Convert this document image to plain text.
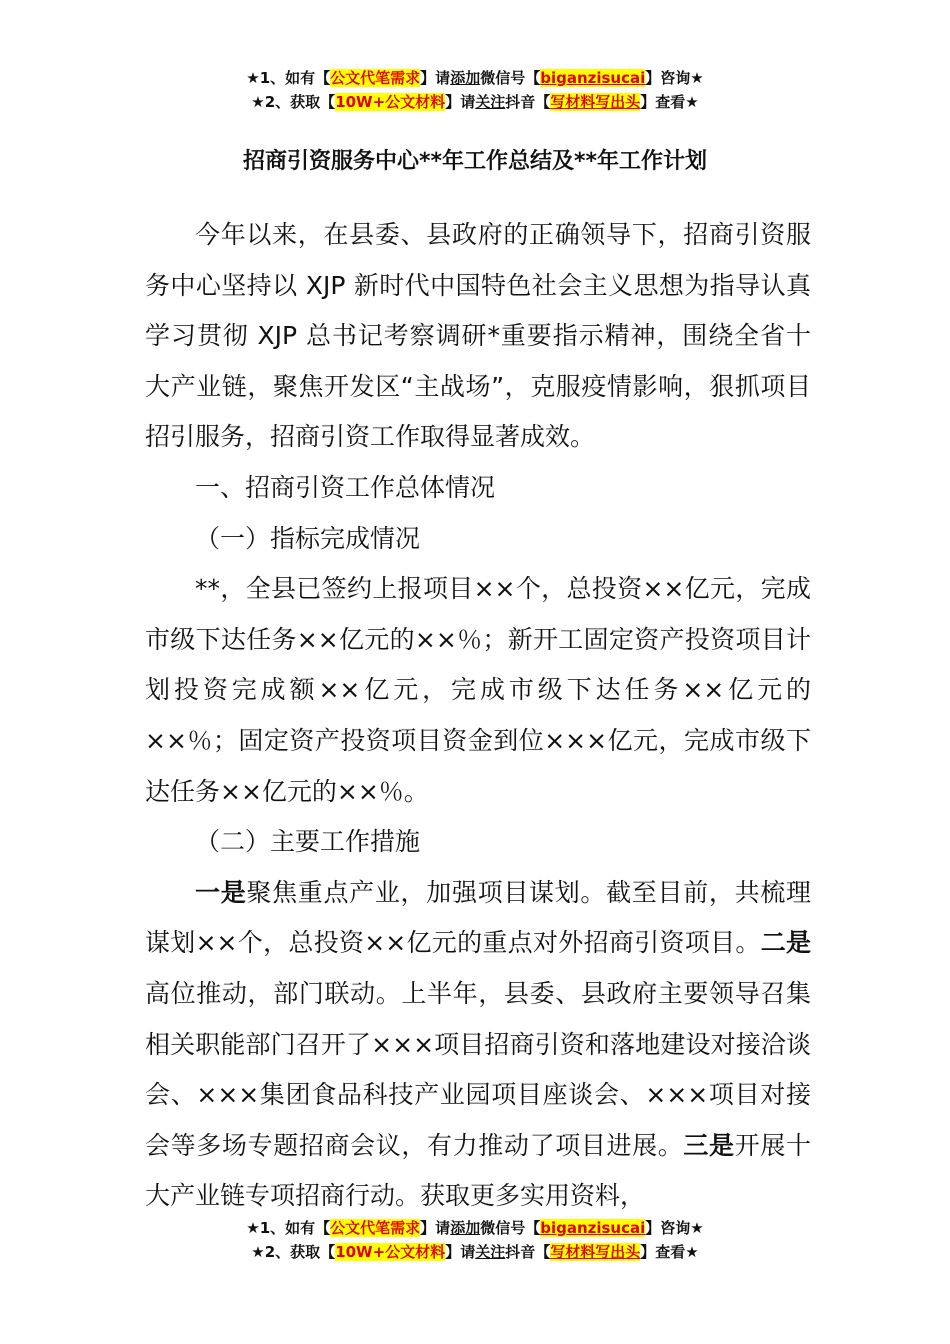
★1、如有【公文代笔需求】请添加微信号【biganzisucai】咨询★
★2、获取【10W+公文材料】请关注抖音【写材料写出头】查看★
招商引资服务中心**年工作总结及**年工作计划

今年以来，在县委、县政府的正确领导下，招商引资服务中心坚持以 XJP 新时代中国特色社会主义思想为指导认真学习贯彻 XJP 总书记考察调研*重要指示精神，围绕全省十大产业链，聚焦开发区“主战场”，克服疫情影响，狠抓项目招引服务，招商引资工作取得显著成效。

一、招商引资工作总体情况

（一）指标完成情况

**，全县已签约上报项目××个，总投资××亿元，完成市级下达任务××亿元的××％；新开工固定资产投资项目计划投资完成额××亿元，完成市级下达任务××亿元的××％；固定资产投资项目资金到位×××亿元，完成市级下达任务××亿元的××％。

（二）主要工作措施

一是聚焦重点产业，加强项目谋划。截至目前，共梳理谋划××个，总投资××亿元的重点对外招商引资项目。二是高位推动，部门联动。上半年，县委、县政府主要领导召集相关职能部门召开了×××项目招商引资和落地建设对接洽谈会、×××集团食品科技产业园项目座谈会、×××项目对接会等多场专题招商会议，有力推动了项目进展。三是开展十大产业链专项招商行动。获取更多实用资料，

★1、如有【公文代笔需求】请添加微信号【biganzisucai】咨询★
★2、获取【10W+公文材料】请关注抖音【写材料写出头】查看★
